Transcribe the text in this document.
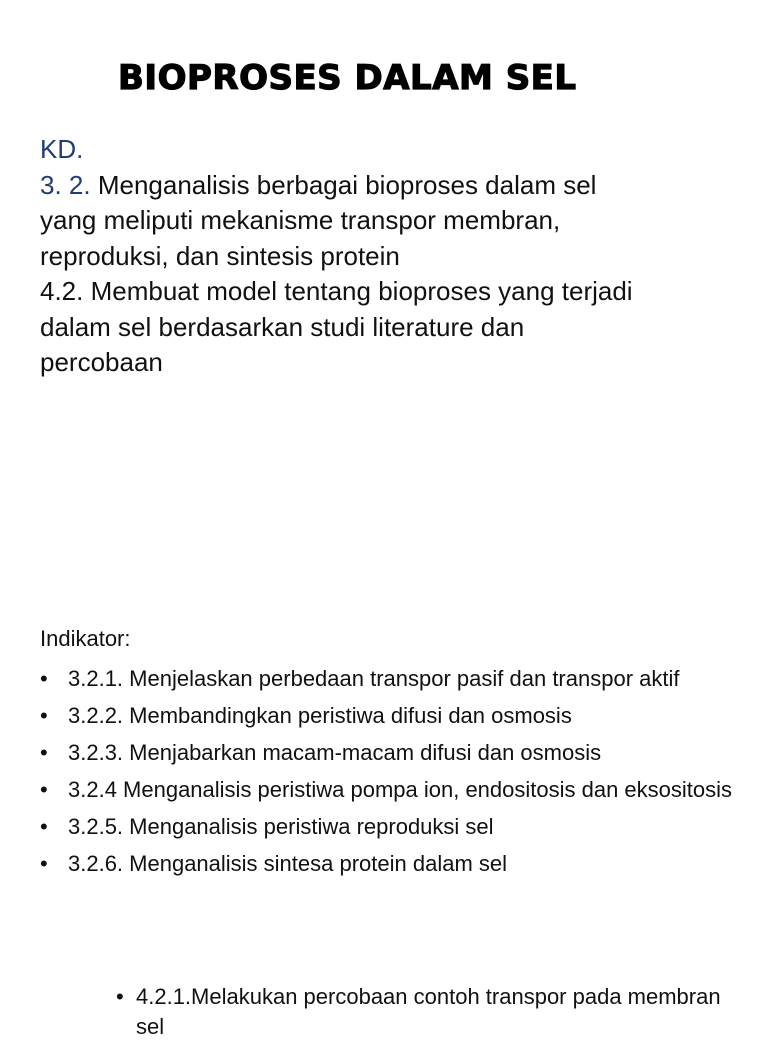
BIOPROSES DALAM SEL
KD.
3. 2. Menganalisis berbagai bioproses dalam sel
yang meliputi mekanisme transpor membran,
reproduksi, dan sintesis protein
4.2. Membuat model tentang bioproses yang terjadi
dalam sel berdasarkan studi literature dan
percobaan
Indikator:
• 3.2.1. Menjelaskan perbedaan transpor pasif dan transpor aktif
• 3.2.2. Membandingkan peristiwa difusi dan osmosis
• 3.2.3. Menjabarkan macam-macam difusi dan osmosis
• 3.2.4 Menganalisis peristiwa pompa ion, endositosis dan eksositosis
• 3.2.5. Menganalisis peristiwa reproduksi sel
• 3.2.6. Menganalisis sintesa protein dalam sel
• 4.2.1.Melakukan percobaan contoh transpor pada membran sel
